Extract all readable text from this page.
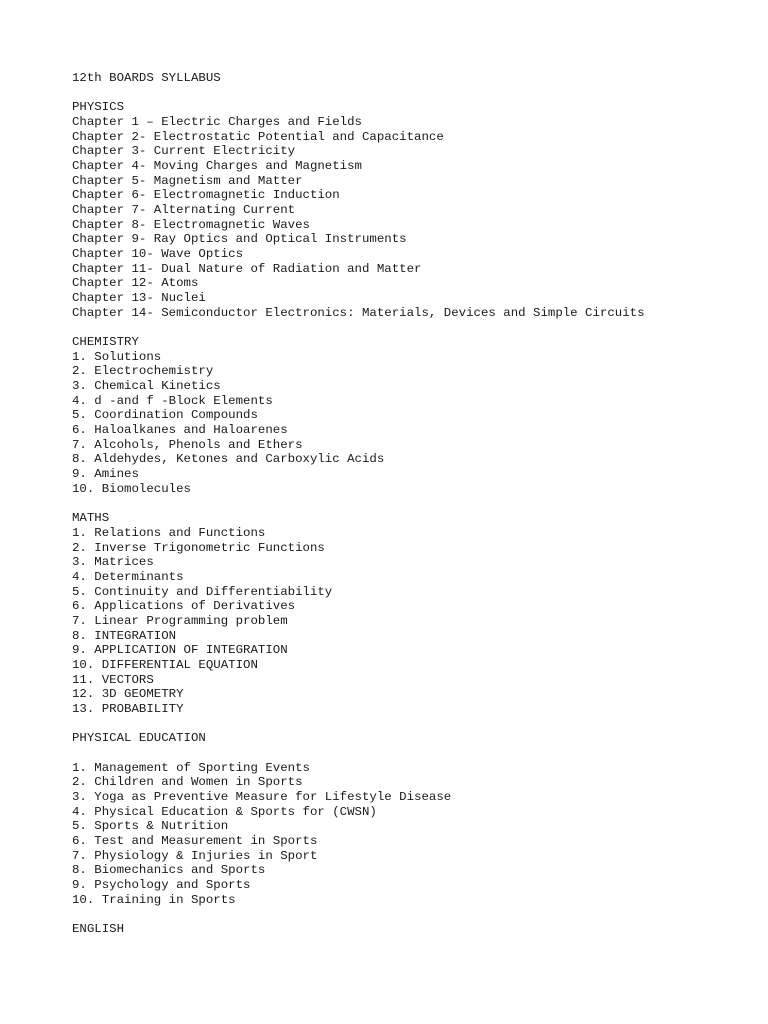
12th BOARDS SYLLABUS
PHYSICS
Chapter 1 – Electric Charges and Fields
Chapter 2- Electrostatic Potential and Capacitance
Chapter 3- Current Electricity
Chapter 4- Moving Charges and Magnetism
Chapter 5- Magnetism and Matter
Chapter 6- Electromagnetic Induction
Chapter 7- Alternating Current
Chapter 8- Electromagnetic Waves
Chapter 9- Ray Optics and Optical Instruments
Chapter 10- Wave Optics
Chapter 11- Dual Nature of Radiation and Matter
Chapter 12- Atoms
Chapter 13- Nuclei
Chapter 14- Semiconductor Electronics: Materials, Devices and Simple Circuits
CHEMISTRY
1. Solutions
2. Electrochemistry
3. Chemical Kinetics
4. d -and f -Block Elements
5. Coordination Compounds
6. Haloalkanes and Haloarenes
7. Alcohols, Phenols and Ethers
8. Aldehydes, Ketones and Carboxylic Acids
9. Amines
10. Biomolecules
MATHS
1. Relations and Functions
2. Inverse Trigonometric Functions
3. Matrices
4. Determinants
5. Continuity and Differentiability
6. Applications of Derivatives
7. Linear Programming problem
8. INTEGRATION
9. APPLICATION OF INTEGRATION
10. DIFFERENTIAL EQUATION
11. VECTORS
12. 3D GEOMETRY
13. PROBABILITY
PHYSICAL EDUCATION
1. Management of Sporting Events
2. Children and Women in Sports
3. Yoga as Preventive Measure for Lifestyle Disease
4. Physical Education & Sports for (CWSN)
5. Sports & Nutrition
6. Test and Measurement in Sports
7. Physiology & Injuries in Sport
8. Biomechanics and Sports
9. Psychology and Sports
10. Training in Sports
ENGLISH
